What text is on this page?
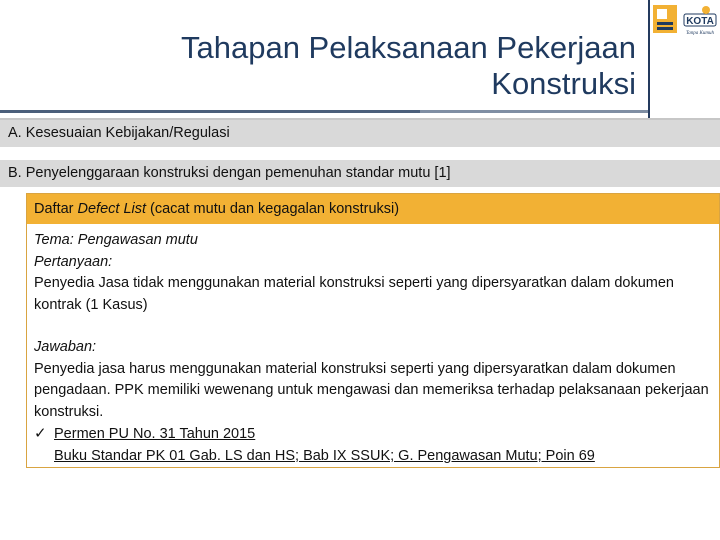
Tahapan Pelaksanaan Pekerjaan
Konstruksi
KOTA
Tanpa Kumuh
A. Kesesuaian Kebijakan/Regulasi
B. Penyelenggaraan konstruksi dengan pemenuhan standar mutu [1]
Daftar Defect List (cacat mutu dan kegagalan konstruksi)

Tema: Pengawasan mutu

Pertanyaan:

Penyedia Jasa tidak menggunakan material konstruksi seperti yang dipersyaratkan dalam dokumen kontrak (1 Kasus)

Jawaban:

Penyedia jasa harus menggunakan material konstruksi seperti yang dipersyaratkan dalam dokumen pengadaan. PPK memiliki wewenang untuk mengawasi dan memeriksa terhadap pelaksanaan pekerjaan konstruksi.

✓ Permen PU No. 31 Tahun 2015

Buku Standar PK 01 Gab. LS dan HS; Bab IX SSUK; G. Pengawasan Mutu; Poin 69
